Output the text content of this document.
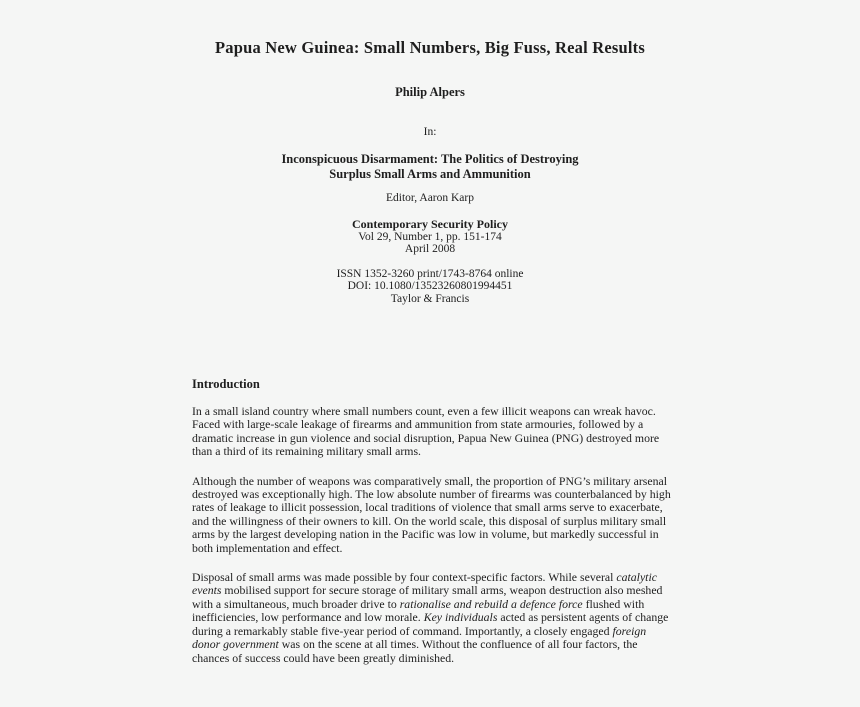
Papua New Guinea: Small Numbers, Big Fuss, Real Results
Philip Alpers
In:
Inconspicuous Disarmament: The Politics of Destroying
Surplus Small Arms and Ammunition
Editor, Aaron Karp
Contemporary Security Policy
Vol 29, Number 1, pp. 151-174
April 2008
ISSN 1352-3260 print/1743-8764 online
DOI: 10.1080/13523260801994451
Taylor & Francis
Introduction

In a small island country where small numbers count, even a few illicit weapons can wreak havoc. Faced with large-scale leakage of firearms and ammunition from state armouries, followed by a dramatic increase in gun violence and social disruption, Papua New Guinea (PNG) destroyed more than a third of its remaining military small arms.

Although the number of weapons was comparatively small, the proportion of PNG’s military arsenal destroyed was exceptionally high. The low absolute number of firearms was counterbalanced by high rates of leakage to illicit possession, local traditions of violence that small arms serve to exacerbate, and the willingness of their owners to kill. On the world scale, this disposal of surplus military small arms by the largest developing nation in the Pacific was low in volume, but markedly successful in both implementation and effect.

Disposal of small arms was made possible by four context-specific factors. While several catalytic events mobilised support for secure storage of military small arms, weapon destruction also meshed with a simultaneous, much broader drive to rationalise and rebuild a defence force flushed with inefficiencies, low performance and low morale. Key individuals acted as persistent agents of change during a remarkably stable five-year period of command. Importantly, a closely engaged foreign donor government was on the scene at all times. Without the confluence of all four factors, the chances of success could have been greatly diminished.
